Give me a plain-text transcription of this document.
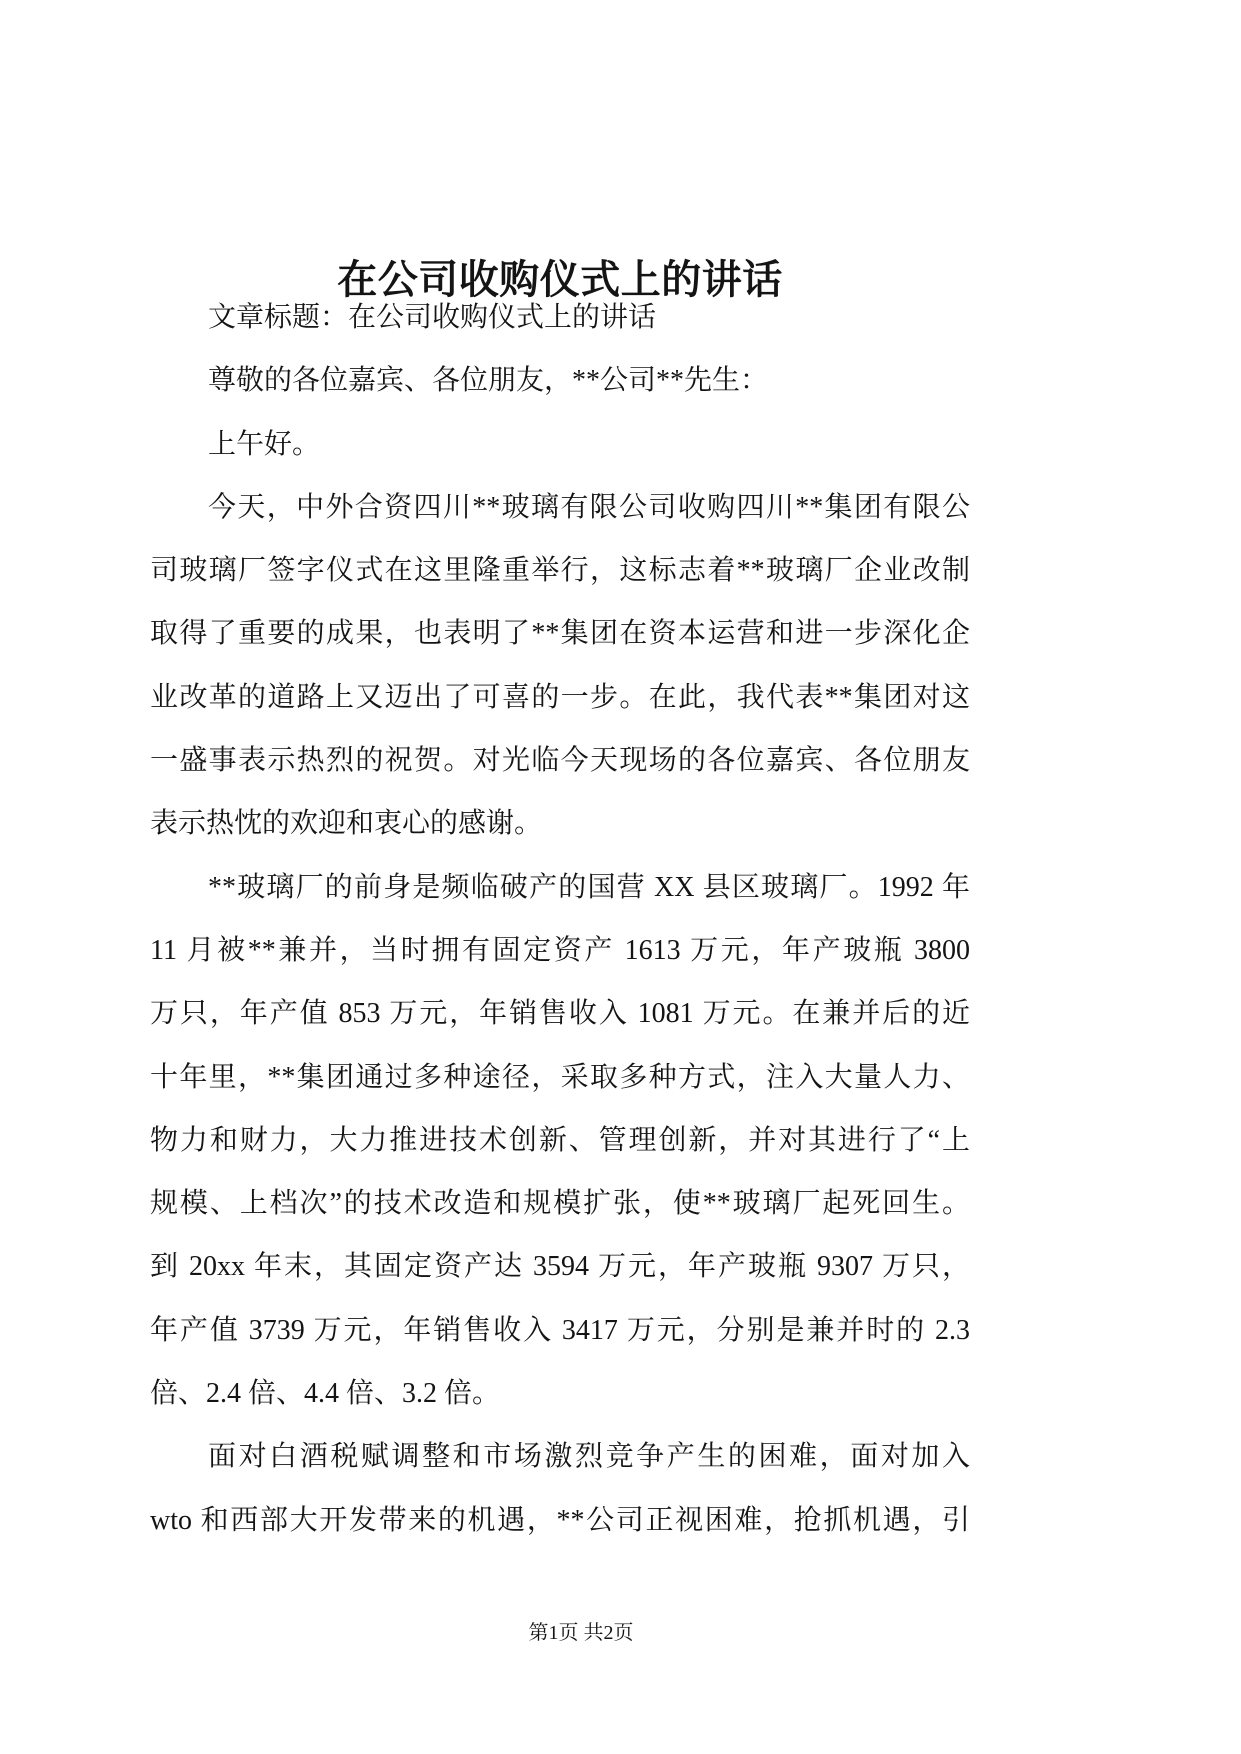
在公司收购仪式上的讲话

文章标题：在公司收购仪式上的讲话

尊敬的各位嘉宾、各位朋友，**公司**先生：

上午好。

今天，中外合资四川**玻璃有限公司收购四川**集团有限公
司玻璃厂签字仪式在这里隆重举行，这标志着**玻璃厂企业改制
取得了重要的成果，也表明了**集团在资本运营和进一步深化企
业改革的道路上又迈出了可喜的一步。在此，我代表**集团对这
一盛事表示热烈的祝贺。对光临今天现场的各位嘉宾、各位朋友
表示热忱的欢迎和衷心的感谢。

**玻璃厂的前身是频临破产的国营 XX 县区玻璃厂。1992 年
11 月被**兼并，当时拥有固定资产 1613 万元，年产玻瓶 3800
万只，年产值 853 万元，年销售收入 1081 万元。在兼并后的近
十年里，**集团通过多种途径，采取多种方式，注入大量人力、
物力和财力，大力推进技术创新、管理创新，并对其进行了“上
规模、上档次”的技术改造和规模扩张，使**玻璃厂起死回生。
到 20xx 年末，其固定资产达 3594 万元，年产玻瓶 9307 万只，
年产值 3739 万元，年销售收入 3417 万元，分别是兼并时的 2.3
倍、2.4 倍、4.4 倍、3.2 倍。

面对白酒税赋调整和市场激烈竞争产生的困难，面对加入
wto 和西部大开发带来的机遇，**公司正视困难，抢抓机遇，引

第1页 共2页
